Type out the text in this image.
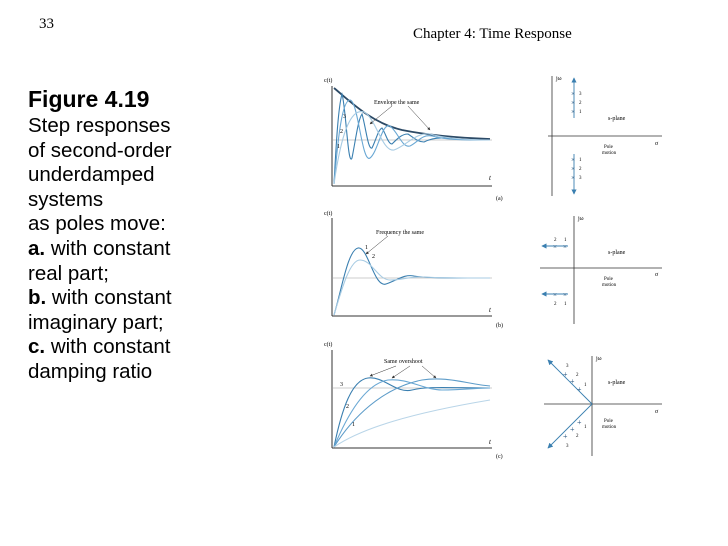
33
Chapter 4: Time Response
Figure 4.19
Step responses
of second-order
underdamped
systems
as poles move:
a. with constant
real part;
b. with constant
imaginary part;
c. with constant
damping ratio
c(t)
t
(a)
Envelope the same
3
2
1
jω
σ
s-plane
Pole
motion
×
×
×
×
×
×
3
2
1
1
2
3
c(t)
t
(b)
Frequency the same
1
2
jω
σ
s-plane
Pole
motion
× ×
× ×
2 1
2 1
c(t)
t
(c)
Same overshoot
3
2
1
jω
σ
s-plane
Pole
motion
+
+
+
+
+
+
3
2
1
1
2
3
